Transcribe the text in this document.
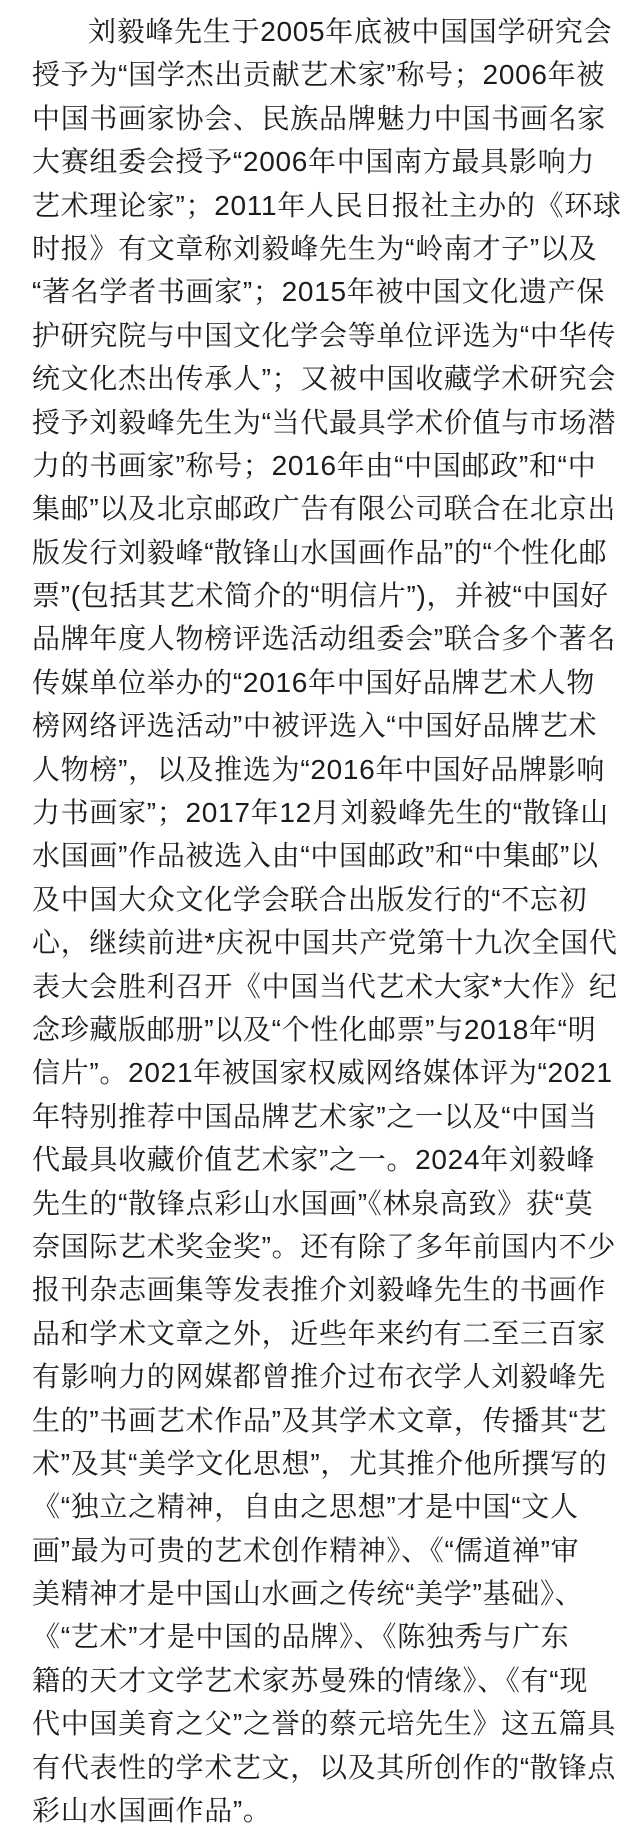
刘毅峰先生于2005年底被中国国学研究会
授予为“国学杰出贡献艺术家”称号；2006年被
中国书画家协会、民族品牌魅力中国书画名家
大赛组委会授予“2006年中国南方最具影响力
艺术理论家”；2011年人民日报社主办的《环球
时报》有文章称刘毅峰先生为“岭南才子”以及
“著名学者书画家”；2015年被中国文化遗产保
护研究院与中国文化学会等单位评选为“中华传
统文化杰出传承人”；又被中国收藏学术研究会
授予刘毅峰先生为“当代最具学术价值与市场潜
力的书画家”称号；2016年由“中国邮政”和“中
集邮”以及北京邮政广告有限公司联合在北京出
版发行刘毅峰“散锋山水国画作品”的“个性化邮
票”(包括其艺术简介的“明信片”)，并被“中国好
品牌年度人物榜评选活动组委会”联合多个著名
传媒单位举办的“2016年中国好品牌艺术人物
榜网络评选活动”中被评选入“中国好品牌艺术
人物榜”，以及推选为“2016年中国好品牌影响
力书画家”；2017年12月刘毅峰先生的“散锋山
水国画”作品被选入由“中国邮政”和“中集邮”以
及中国大众文化学会联合出版发行的“不忘初
心，继续前进*庆祝中国共产党第十九次全国代
表大会胜利召开《中国当代艺术大家*大作》纪
念珍藏版邮册”以及“个性化邮票”与2018年“明
信片”。2021年被国家权威网络媒体评为“2021
年特别推荐中国品牌艺术家”之一以及“中国当
代最具收藏价值艺术家”之一。2024年刘毅峰
先生的“散锋点彩山水国画”《林泉高致》获“莫
奈国际艺术奖金奖”。还有除了多年前国内不少
报刊杂志画集等发表推介刘毅峰先生的书画作
品和学术文章之外，近些年来约有二至三百家
有影响力的网媒都曾推介过布衣学人刘毅峰先
生的”书画艺术作品”及其学术文章，传播其“艺
术”及其“美学文化思想”，尤其推介他所撰写的
《“独立之精神，自由之思想”才是中国“文人
画”最为可贵的艺术创作精神》、《“儒道禅”审
美精神才是中国山水画之传统“美学”基础》、
《“艺术”才是中国的品牌》、《陈独秀与广东
籍的天才文学艺术家苏曼殊的情缘》、《有“现
代中国美育之父”之誉的蔡元培先生》这五篇具
有代表性的学术艺文，以及其所创作的“散锋点
彩山水国画作品”。
